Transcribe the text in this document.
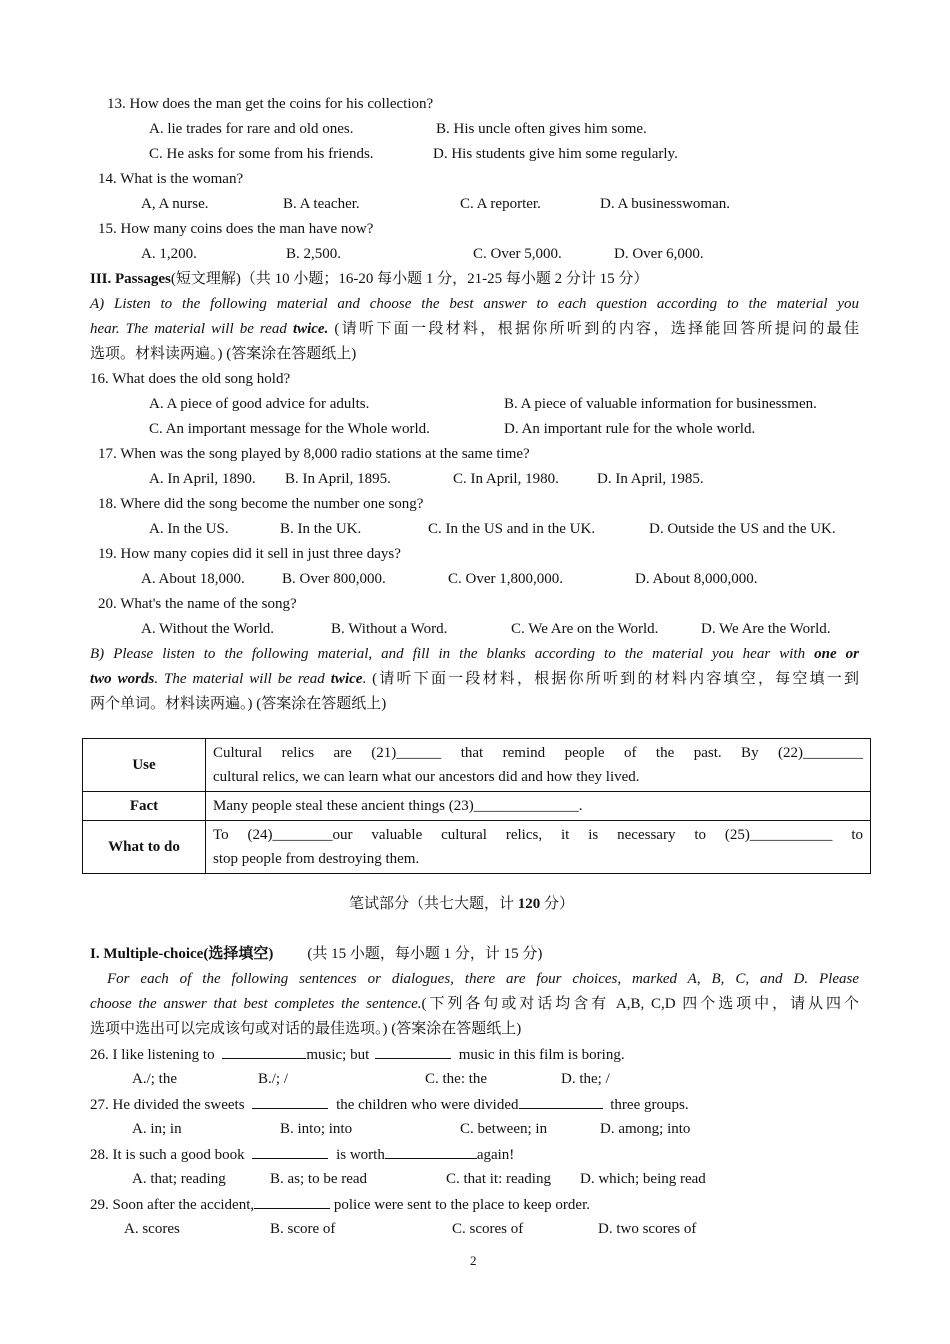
13. How does the man get the coins for his collection?
A. lie trades for rare and old ones.	B. His uncle often gives him some.
C. He asks for some from his friends.	D. His students give him some regularly.
14. What is the woman?
A, A nurse.	B. A teacher.	C. A reporter.	D. A businesswoman.
15. How many coins does the man have now?
A. 1,200.	B. 2,500.	C. Over 5,000.	D. Over 6,000.
III. Passages(短文理解)（共 10 小题；16-20 每小题 1 分，21-25 每小题 2 分计 15 分）
A) Listen to the following material and choose the best answer to each question according to the material you
hear. The material will be read twice. (请听下面一段材料，根据你所听到的内容，选择能回答所提问的最佳
选项。材料读两遍。) (答案涂在答题纸上)
16. What does the old song hold?
A. A piece of good advice for adults.	B. A piece of valuable information for businessmen.
C. An important message for the Whole world.	D. An important rule for the whole world.
17. When was the song played by 8,000 radio stations at the same time?
A. In April, 1890. B. In April, 1895.	C. In April, 1980.	D. In April, 1985.
18. Where did the song become the number one song?
A. In the US.	B. In the UK.	C. In the US and in the UK.	D. Outside the US and the UK.
19. How many copies did it sell in just three days?
A. About 18,000. B. Over 800,000.	C. Over 1,800,000.	D. About 8,000,000.
20. What's the name of the song?
A. Without the World.	B. Without a Word.	C. We Are on the World.	D. We Are the World.
B) Please listen to the following material, and fill in the blanks according to the material you hear with one or
two words. The material will be read twice. (请听下面一段材料，根据你所听到的材料内容填空，每空填一到
两个单词。材料读两遍。) (答案涂在答题纸上)
Use	Cultural relics are (21)______ that remind people of the past. By (22)________
cultural relics, we can learn what our ancestors did and how they lived.
Fact	Many people steal these ancient things (23)______________.
What to do	To (24)________our valuable cultural relics, it is necessary to (25)___________ to
stop people from destroying them.
笔试部分（共七大题，计 120 分）
I. Multiple-choice(选择填空) (共 15 小题，每小题 1 分，计 15 分)
For each of the following sentences or dialogues, there are four choices, marked A, B, C, and D. Please
choose the answer that best completes the sentence.(下列各句或对话均含有 A,B, C,D 四个选项中，请从四个
选项中选出可以完成该句或对话的最佳选项。) (答案涂在答题纸上)
26. I like listening to	music; but	music in this film is boring.
A./; the	B./; /	C. the: the	D. the; /
27. He divided the sweets	the children who were divided	three groups.
A. in; in	B. into; into	C. between; in	D. among; into
28. It is such a good book	is worth	again!
A. that; reading	B. as; to be read	C. that it: reading D. which; being read
29. Soon after the accident,	police were sent to the place to keep order.
A. scores	B. score of	C. scores of	D. two scores of
2
